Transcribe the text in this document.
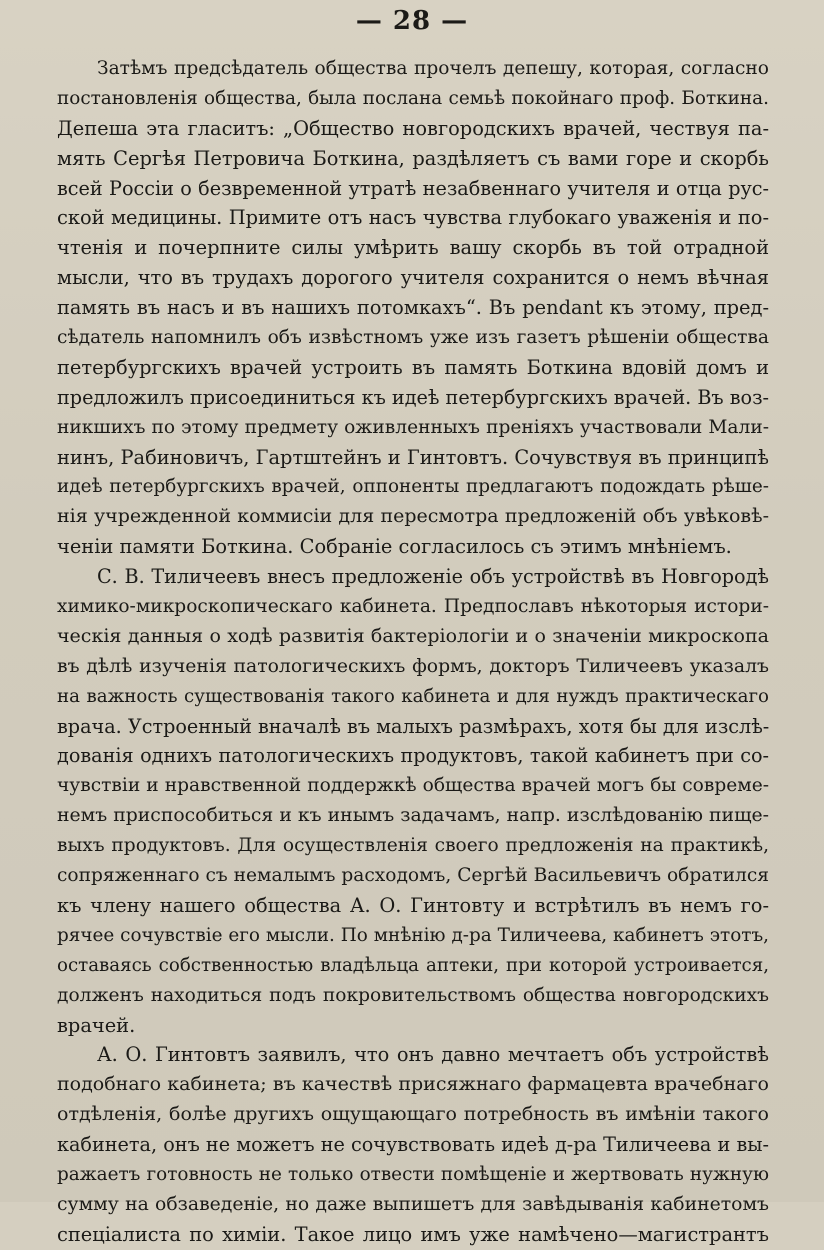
— 28 —
Затѣмъ предсѣдатель общества прочелъ депешу, которая, согласно
постановленія общества, была послана семьѣ покойнаго проф. Боткина.
Депеша эта гласитъ: „Общество новгородскихъ врачей, чествуя па-
мять Сергѣя Петровича Боткина, раздѣляетъ съ вами горе и скорбь
всей Россіи о безвременной утратѣ незабвеннаго учителя и отца рус-
ской медицины. Примите отъ насъ чувства глубокаго уваженія и по-
чтенія и почерпните силы умѣрить вашу скорбь въ той отрадной
мысли, что въ трудахъ дорогого учителя сохранится о немъ вѣчная
память въ насъ и въ нашихъ потомкахъ“. Въ pendant къ этому, пред-
сѣдатель напомнилъ объ извѣстномъ уже изъ газетъ рѣшеніи общества
петербургскихъ врачей устроить въ память Боткина вдовій домъ и
предложилъ присоединиться къ идеѣ петербургскихъ врачей. Въ воз-
никшихъ по этому предмету оживленныхъ преніяхъ участвовали Мали-
нинъ, Рабиновичъ, Гартштейнъ и Гинтовтъ. Сочувствуя въ принципѣ
идеѣ петербургскихъ врачей, оппоненты предлагаютъ подождать рѣше-
нія учрежденной коммисіи для пересмотра предложеній объ увѣковѣ-
ченіи памяти Боткина. Собраніе согласилось съ этимъ мнѣніемъ.
С. В. Тиличеевъ внесъ предложеніе объ устройствѣ въ Новгородѣ
химико-микроскопическаго кабинета. Предпославъ нѣкоторыя истори-
ческія данныя о ходѣ развитія бактеріологіи и о значеніи микроскопа
въ дѣлѣ изученія патологическихъ формъ, докторъ Тиличеевъ указалъ
на важность существованія такого кабинета и для нуждъ практическаго
врача. Устроенный вначалѣ въ малыхъ размѣрахъ, хотя бы для изслѣ-
дованія однихъ патологическихъ продуктовъ, такой кабинетъ при со-
чувствіи и нравственной поддержкѣ общества врачей могъ бы совреме-
немъ приспособиться и къ инымъ задачамъ, напр. изслѣдованію пище-
выхъ продуктовъ. Для осуществленія своего предложенія на практикѣ,
сопряженнаго съ немалымъ расходомъ, Сергѣй Васильевичъ обратился
къ члену нашего общества А. О. Гинтовту и встрѣтилъ въ немъ го-
рячее сочувствіе его мысли. По мнѣнію д-ра Тиличеева, кабинетъ этотъ,
оставаясь собственностью владѣльца аптеки, при которой устроивается,
долженъ находиться подъ покровительствомъ общества новгородскихъ
врачей.
А. О. Гинтовтъ заявилъ, что онъ давно мечтаетъ объ устройствѣ
подобнаго кабинета; въ качествѣ присяжнаго фармацевта врачебнаго
отдѣленія, болѣе другихъ ощущающаго потребность въ имѣніи такого
кабинета, онъ не можетъ не сочувствовать идеѣ д-ра Тиличеева и вы-
ражаетъ готовность не только отвести помѣщеніе и жертвовать нужную
сумму на обзаведеніе, но даже выпишетъ для завѣдыванія кабинетомъ
спеціалиста по химіи. Такое лицо имъ уже намѣчено—магистрантъ
